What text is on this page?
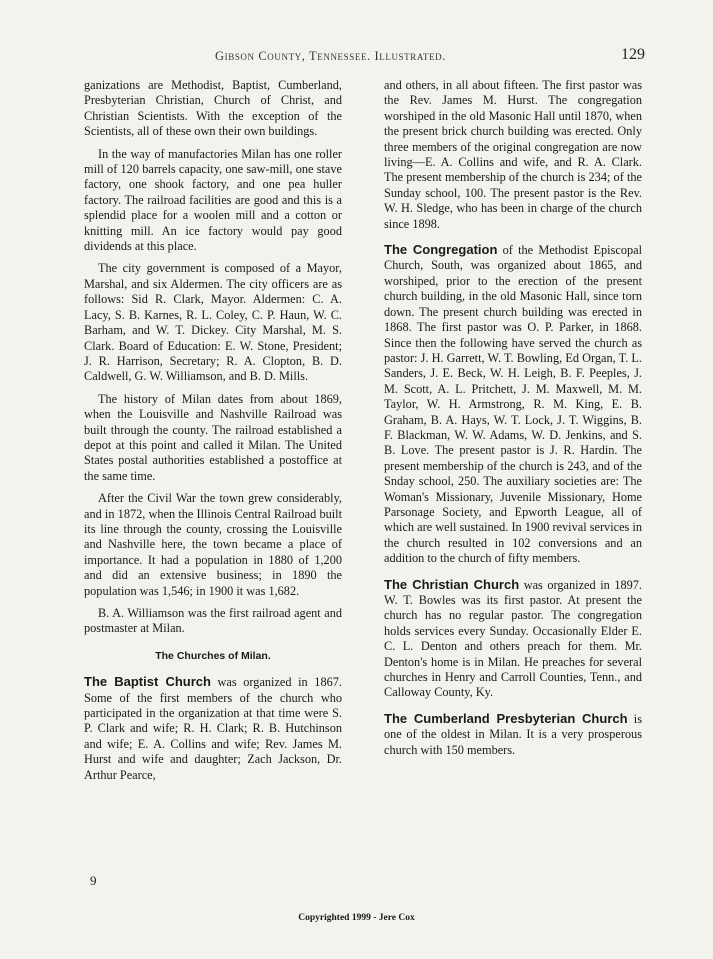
Gibson County, Tennessee. Illustrated.	129

ganizations are Methodist, Baptist, Cumberland, Presbyterian Christian, Church of Christ, and Christian Scientists. With the exception of the Scientists, all of these own their own buildings.

In the way of manufactories Milan has one roller mill of 120 barrels capacity, one saw-mill, one stave factory, one shook factory, and one pea huller factory. The railroad facilities are good and this is a splendid place for a woolen mill and a cotton or knitting mill. An ice factory would pay good dividends at this place.

The city government is composed of a Mayor, Marshal, and six Aldermen. The city officers are as follows: Sid R. Clark, Mayor. Aldermen: C. A. Lacy, S. B. Karnes, R. L. Coley, C. P. Haun, W. C. Barham, and W. T. Dickey. City Marshal, M. S. Clark. Board of Education: E. W. Stone, President; J. R. Harrison, Secretary; R. A. Clopton, B. D. Caldwell, G. W. Williamson, and B. D. Mills.

The history of Milan dates from about 1869, when the Louisville and Nashville Railroad was built through the county. The railroad established a depot at this point and called it Milan. The United States postal authorities established a postoffice at the same time.

After the Civil War the town grew considerably, and in 1872, when the Illinois Central Railroad built its line through the county, crossing the Louisville and Nashville here, the town became a place of importance. It had a population in 1880 of 1,200 and did an extensive business; in 1890 the population was 1,546; in 1900 it was 1,682.

B. A. Williamson was the first railroad agent and postmaster at Milan.

The Churches of Milan.

The Baptist Church was organized in 1867. Some of the first members of the church who participated in the organization at that time were S. P. Clark and wife; R. H. Clark; R. B. Hutchinson and wife; E. A. Collins and wife; Rev. James M. Hurst and wife and daughter; Zach Jackson, Dr. Arthur Pearce,

and others, in all about fifteen. The first pastor was the Rev. James M. Hurst. The congregation worshiped in the old Masonic Hall until 1870, when the present brick church building was erected. Only three members of the original congregation are now living—E. A. Collins and wife, and R. A. Clark. The present membership of the church is 234; of the Sunday school, 100. The present pastor is the Rev. W. H. Sledge, who has been in charge of the church since 1898.

The Congregation of the Methodist Episcopal Church, South, was organized about 1865, and worshiped, prior to the erection of the present church building, in the old Masonic Hall, since torn down. The present church building was erected in 1868. The first pastor was O. P. Parker, in 1868. Since then the following have served the church as pastor: J. H. Garrett, W. T. Bowling, Ed Organ, T. L. Sanders, J. E. Beck, W. H. Leigh, B. F. Peeples, J. M. Scott, A. L. Pritchett, J. M. Maxwell, M. M. Taylor, W. H. Armstrong, R. M. King, E. B. Graham, B. A. Hays, W. T. Lock, J. T. Wiggins, B. F. Blackman, W. W. Adams, W. D. Jenkins, and S. B. Love. The present pastor is J. R. Hardin. The present membership of the church is 243, and of the Snday school, 250. The auxiliary societies are: The Woman's Missionary, Juvenile Missionary, Home Parsonage Society, and Epworth League, all of which are well sustained. In 1900 revival services in the church resulted in 102 conversions and an addition to the church of fifty members.

The Christian Church was organized in 1897. W. T. Bowles was its first pastor. At present the church has no regular pastor. The congregation holds services every Sunday. Occasionally Elder E. C. L. Denton and others preach for them. Mr. Denton's home is in Milan. He preaches for several churches in Henry and Carroll Counties, Tenn., and Calloway County, Ky.

The Cumberland Presbyterian Church is one of the oldest in Milan. It is a very prosperous church with 150 members.

9
Copyrighted 1999 - Jere Cox
